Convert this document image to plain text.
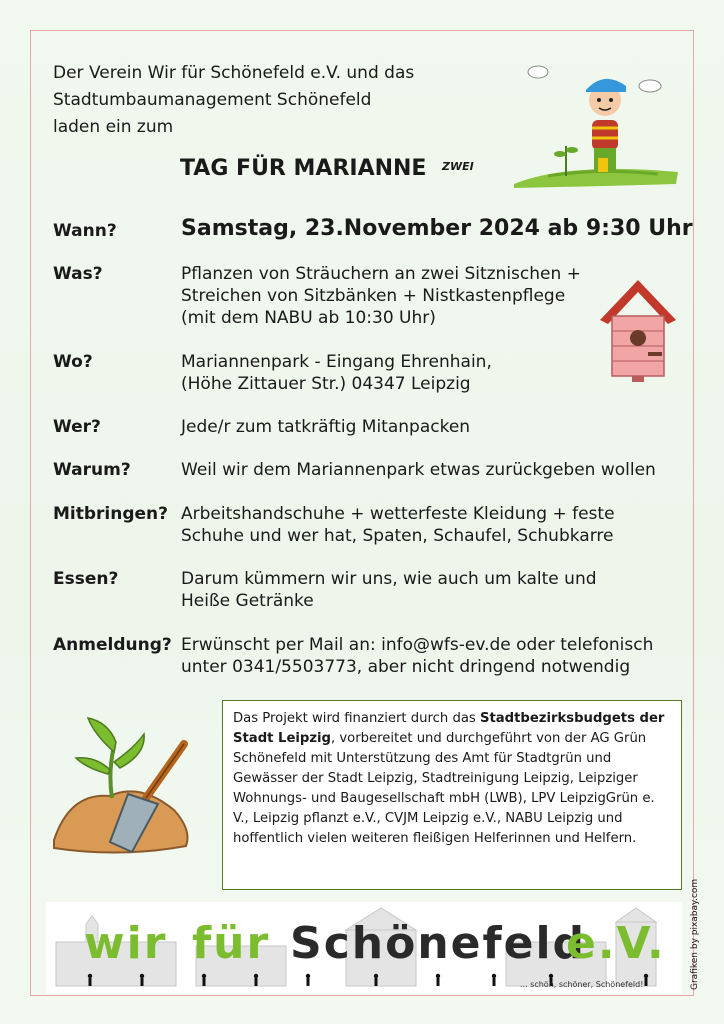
Der Verein Wir für Schönefeld e.V. und das
Stadtumbaumanagement Schönefeld
laden ein zum
TAG FÜR MARIANNE ZWEI
Wann?	Samstag, 23.November 2024 ab 9:30 Uhr
Was?	Pflanzen von Sträuchern an zwei Sitznischen +
Streichen von Sitzbänken + Nistkastenpflege
(mit dem NABU ab 10:30 Uhr)
Wo?	Mariannenpark - Eingang Ehrenhain,
(Höhe Zittauer Str.) 04347 Leipzig
Wer?	Jede/r zum tatkräftig Mitanpacken
Warum?	Weil wir dem Mariannenpark etwas zurückgeben wollen
Mitbringen? Arbeitshandschuhe + wetterfeste Kleidung + feste
Schuhe und wer hat, Spaten, Schaufel, Schubkarre
Essen?	Darum kümmern wir uns, wie auch um kalte und
Heiße Getränke
Anmeldung? Erwünscht per Mail an: info@wfs-ev.de oder telefonisch
unter 0341/5503773, aber nicht dringend notwendig
Das Projekt wird finanziert durch das Stadtbezirksbudgets der Stadt Leipzig, vorbereitet und durchgeführt von der AG Grün Schönefeld mit Unterstützung des Amt für Stadtgrün und Gewässer der Stadt Leipzig, Stadtreinigung Leipzig, Leipziger Wohnungs- und Baugesellschaft mbH (LWB), LPV LeipzigGrün e. V., Leipzig pflanzt e.V., CVJM Leipzig e.V., NABU Leipzig und hoffentlich vielen weiteren fleißigen Helferinnen und Helfern.
Grafiken by pixabay.com
wir für Schönefeld
e.V.
... schön, schöner, Schönefeld!
